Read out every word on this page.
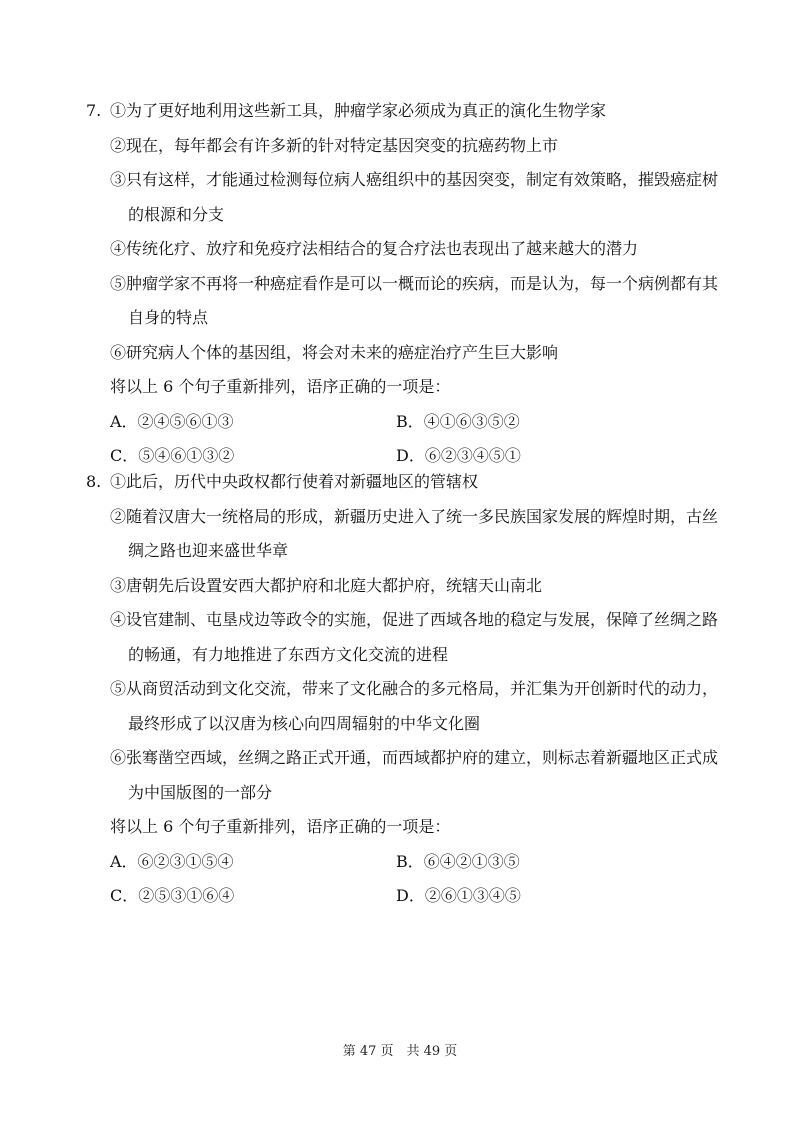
7. ①为了更好地利用这些新工具，肿瘤学家必须成为真正的演化生物学家
②现在，每年都会有许多新的针对特定基因突变的抗癌药物上市
③只有这样，才能通过检测每位病人癌组织中的基因突变，制定有效策略，摧毁癌症树
的根源和分支
④传统化疗、放疗和免疫疗法相结合的复合疗法也表现出了越来越大的潜力
⑤肿瘤学家不再将一种癌症看作是可以一概而论的疾病，而是认为，每一个病例都有其
自身的特点
⑥研究病人个体的基因组，将会对未来的癌症治疗产生巨大影响
将以上 6 个句子重新排列，语序正确的一项是：
A．②④⑤⑥①③	B．④①⑥③⑤②
C．⑤④⑥①③②	D．⑥②③④⑤①
8. ①此后，历代中央政权都行使着对新疆地区的管辖权
②随着汉唐大一统格局的形成，新疆历史进入了统一多民族国家发展的辉煌时期，古丝
绸之路也迎来盛世华章
③唐朝先后设置安西大都护府和北庭大都护府，统辖天山南北
④设官建制、屯垦戍边等政令的实施，促进了西域各地的稳定与发展，保障了丝绸之路
的畅通，有力地推进了东西方文化交流的进程
⑤从商贸活动到文化交流，带来了文化融合的多元格局，并汇集为开创新时代的动力，
最终形成了以汉唐为核心向四周辐射的中华文化圈
⑥张骞凿空西域，丝绸之路正式开通，而西域都护府的建立，则标志着新疆地区正式成
为中国版图的一部分
将以上 6 个句子重新排列，语序正确的一项是：
A．⑥②③①⑤④	B．⑥④②①③⑤
C．②⑤③①⑥④	D．②⑥①③④⑤
第 47 页　共 49 页
